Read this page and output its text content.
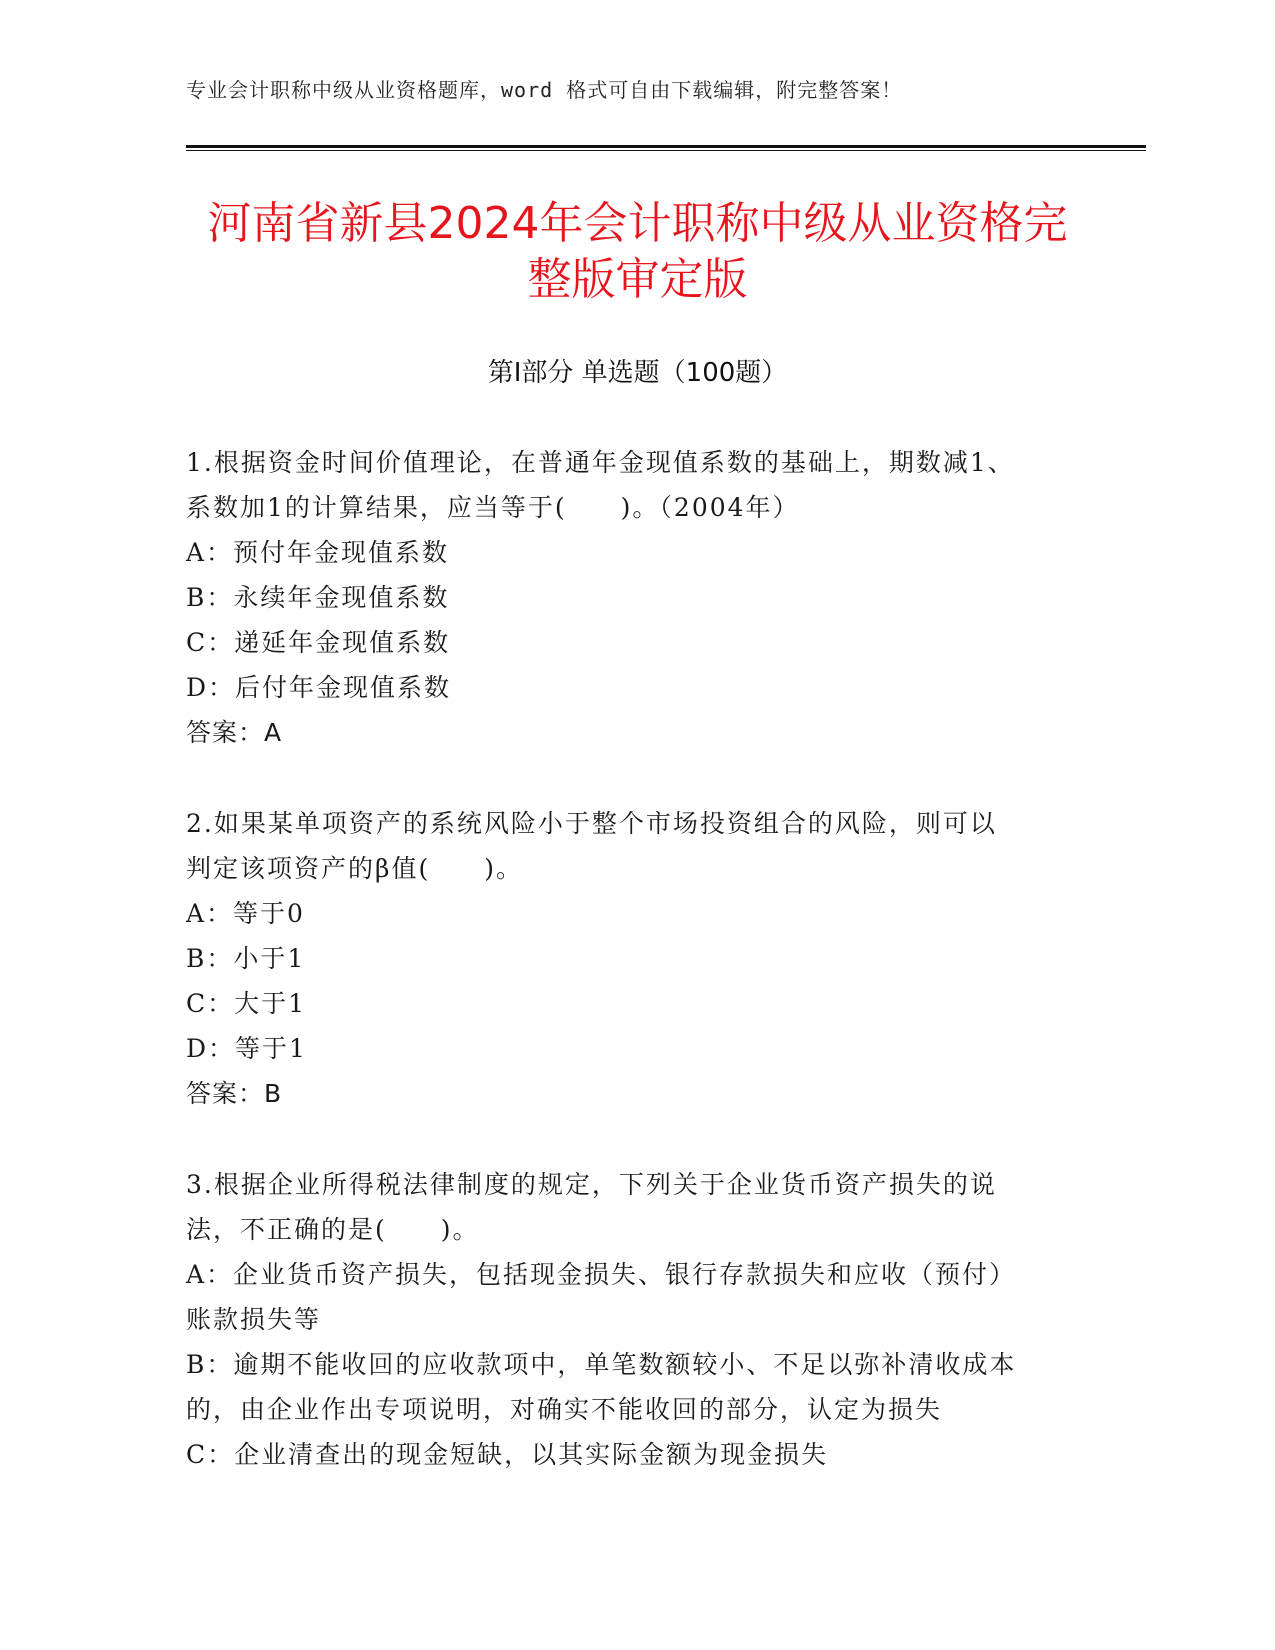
专业会计职称中级从业资格题库，word 格式可自由下载编辑，附完整答案！
河南省新县2024年会计职称中级从业资格完
整版审定版
第Ⅰ部分 单选题（100题）
1.根据资金时间价值理论，在普通年金现值系数的基础上，期数减1、
系数加1的计算结果，应当等于(　　)。（2004年）
A：预付年金现值系数
B：永续年金现值系数
C：递延年金现值系数
D：后付年金现值系数
答案：A
2.如果某单项资产的系统风险小于整个市场投资组合的风险，则可以
判定该项资产的β值(　　)。
A：等于0
B：小于1
C：大于1
D：等于1
答案：B
3.根据企业所得税法律制度的规定，下列关于企业货币资产损失的说
法，不正确的是(　　)。
A：企业货币资产损失，包括现金损失、银行存款损失和应收（预付）
账款损失等
B：逾期不能收回的应收款项中，单笔数额较小、不足以弥补清收成本
的，由企业作出专项说明，对确实不能收回的部分，认定为损失
C：企业清查出的现金短缺，以其实际金额为现金损失
